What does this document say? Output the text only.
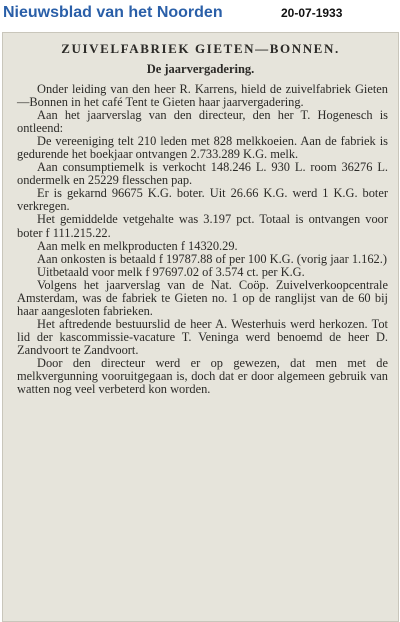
Nieuwsblad van het Noorden	20-07-1933
ZUIVELFABRIEK GIETEN—BONNEN.
De jaarvergadering.

Onder leiding van den heer R. Karrens, hield de zuivelfabriek Gieten—Bonnen in het café Tent te Gieten haar jaarvergadering.

Aan het jaarverslag van den directeur, den her T. Hogenesch is ontleend:

De vereeniging telt 210 leden met 828 melkkoeien. Aan de fabriek is gedurende het boekjaar ontvangen 2.733.289 K.G. melk.

Aan consumptiemelk is verkocht 148.246 L. 930 L. room 36276 L. ondermelk en 25229 flesschen pap.

Er is gekarnd 96675 K.G. boter. Uit 26.66 K.G. werd 1 K.G. boter verkregen.

Het gemiddelde vetgehalte was 3.197 pct. Totaal is ontvangen voor boter f 111.215.22.

Aan melk en melkproducten f 14320.29.

Aan onkosten is betaald f 19787.88 of per 100 K.G. (vorig jaar 1.162.)

Uitbetaald voor melk f 97697.02 of 3.574 ct. per K.G.

Volgens het jaarverslag van de Nat. Coöp. Zuivelverkoopcentrale Amsterdam, was de fabriek te Gieten no. 1 op de ranglijst van de 60 bij haar aangesloten fabrieken.

Het aftredende bestuurslid de heer A. Westerhuis werd herkozen. Tot lid der kascommissie-vacature T. Veninga werd benoemd de heer D. Zandvoort te Zandvoort.

Door den directeur werd er op gewezen, dat men met de melkvergunning vooruitgegaan is, doch dat er door algemeen gebruik van watten nog veel verbeterd kon worden.
